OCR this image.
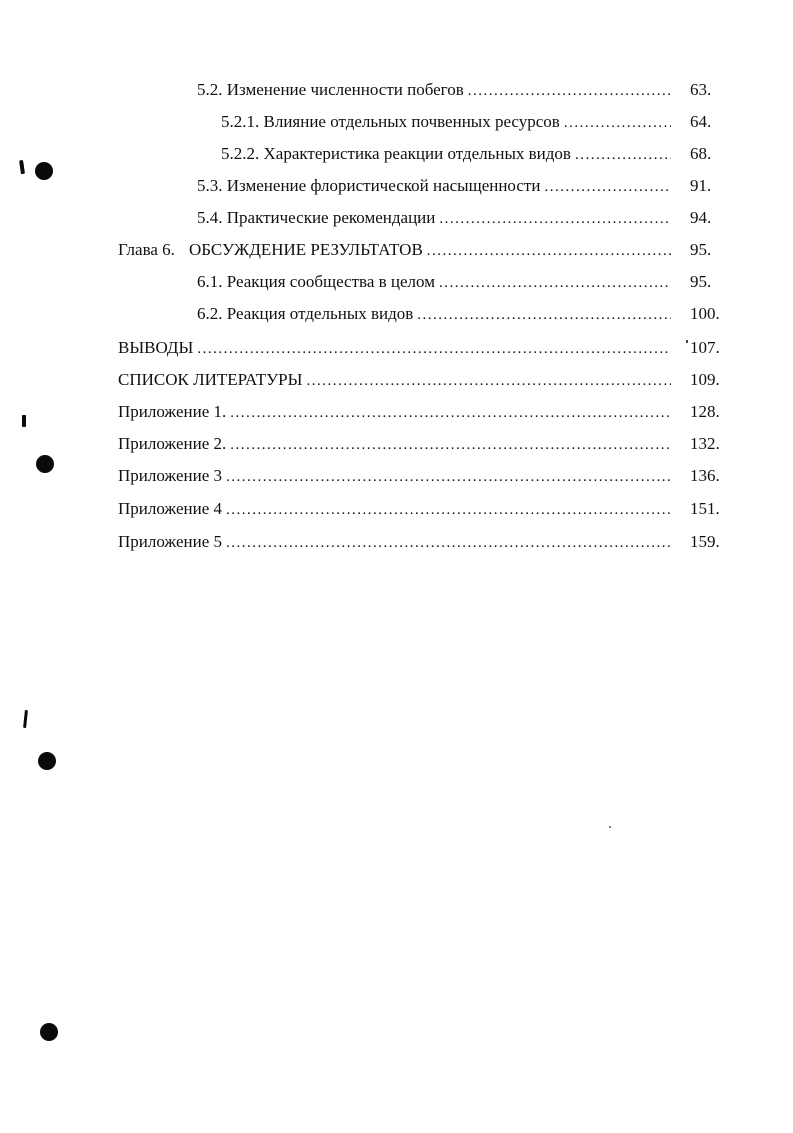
5.2. Изменение численности побегов
.....
5.2.1. Влияние отдельных почвенных ресурсов
.....
5.2.2. Характеристика реакции отдельных видов
.....
5.3. Изменение флористической насыщенности
.....
5.4. Практические рекомендации
.....
Глава 6. ОБСУЖДЕНИЕ РЕЗУЛЬТАТОВ
.....
6.1. Реакция сообщества в целом
.....
6.2. Реакция отдельных видов
.....
ВЫВОДЫ
.....
СПИСОК ЛИТЕРАТУРЫ
.....
Приложение 1.
.....
Приложение 2.
.....
Приложение 3
.....
Приложение 4
.....
Приложение 5
.....
63.
64.
68.
91.
94.
95.
95.
100.
107.
109.
128.
132.
136.
151.
159.
